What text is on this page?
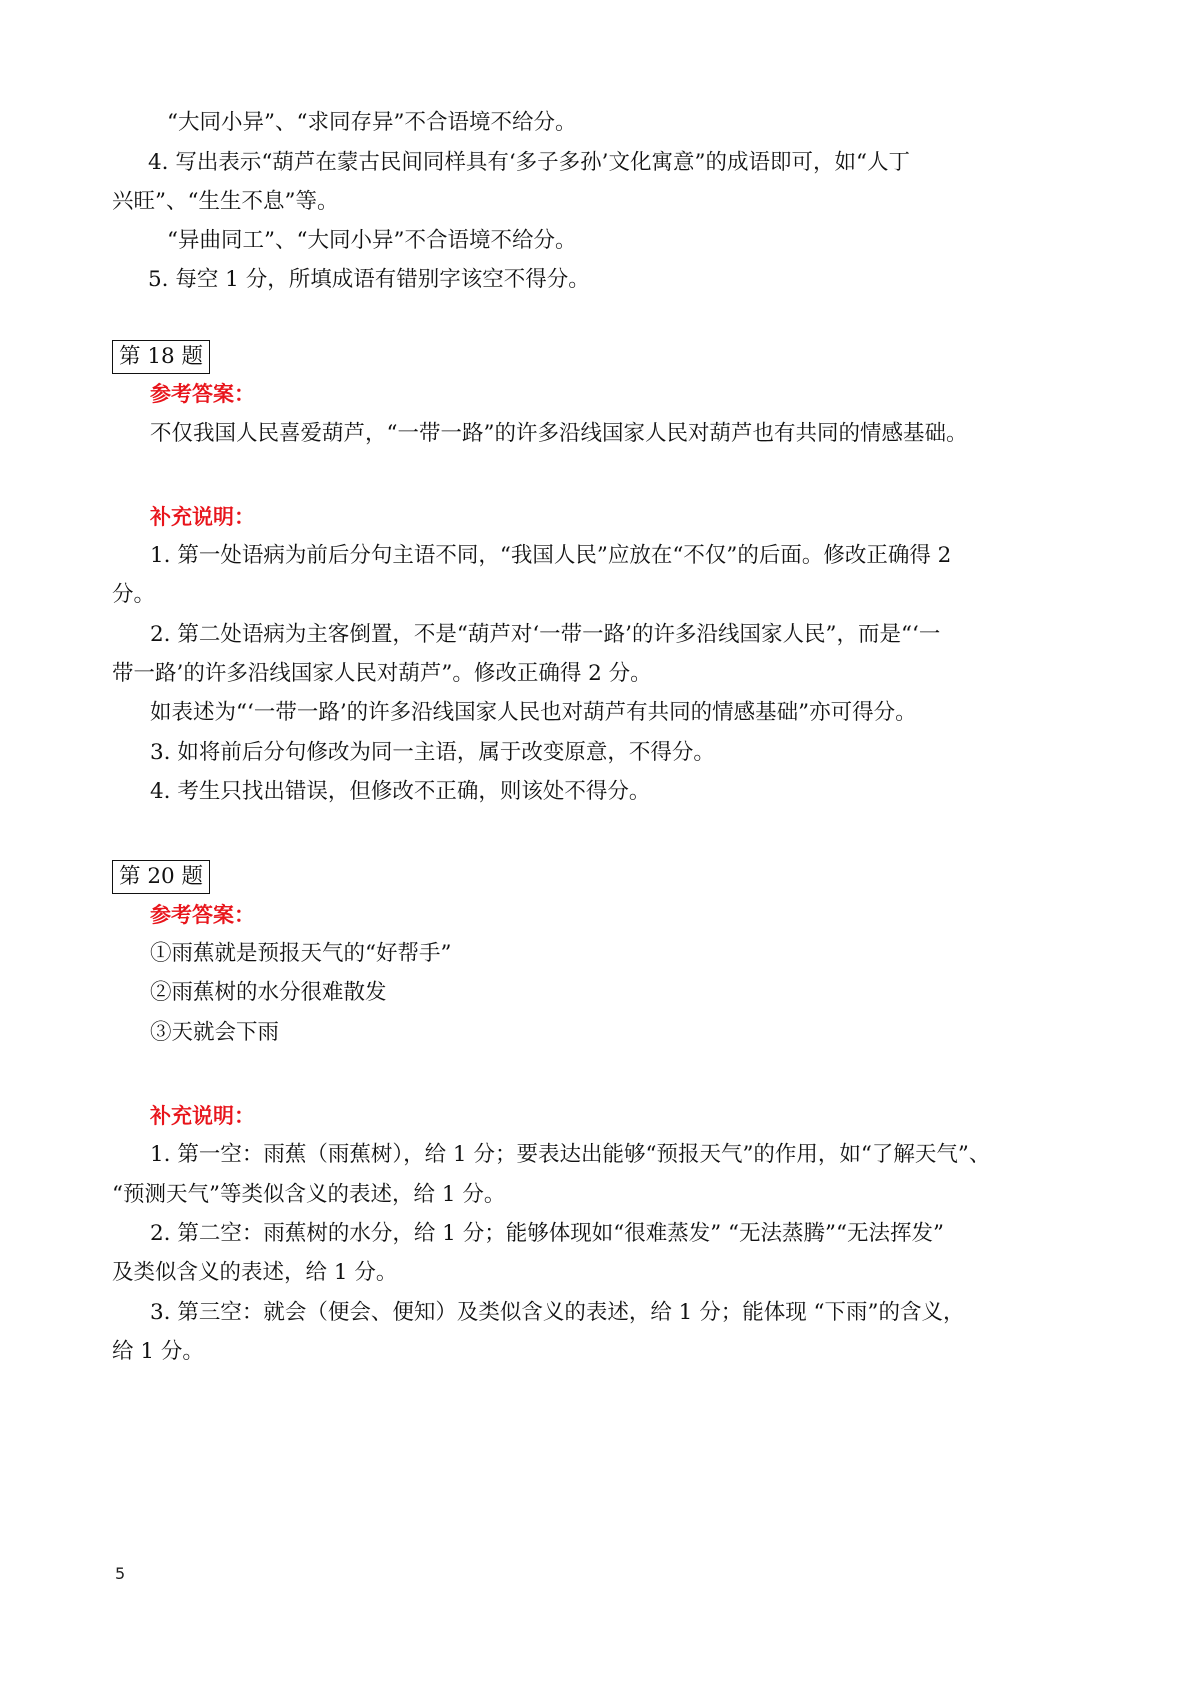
“大同小异”、“求同存异”不合语境不给分。
4. 写出表示“葫芦在蒙古民间同样具有‘多子多孙’文化寓意”的成语即可，如“人丁
兴旺”、“生生不息”等。
“异曲同工”、“大同小异”不合语境不给分。
5. 每空 1 分，所填成语有错别字该空不得分。
第 18 题
参考答案：
不仅我国人民喜爱葫芦，“一带一路”的许多沿线国家人民对葫芦也有共同的情感基础。
补充说明：
1. 第一处语病为前后分句主语不同，“我国人民”应放在“不仅”的后面。修改正确得 2
分。
2. 第二处语病为主客倒置，不是“葫芦对‘一带一路’的许多沿线国家人民”，而是“‘一
带一路’的许多沿线国家人民对葫芦”。修改正确得 2 分。
如表述为“‘一带一路’的许多沿线国家人民也对葫芦有共同的情感基础”亦可得分。
3. 如将前后分句修改为同一主语，属于改变原意，不得分。
4. 考生只找出错误，但修改不正确，则该处不得分。
第 20 题
参考答案：
①雨蕉就是预报天气的“好帮手”
②雨蕉树的水分很难散发
③天就会下雨
补充说明：
1. 第一空：雨蕉（雨蕉树），给 1 分；要表达出能够“预报天气”的作用，如“了解天气”、
“预测天气”等类似含义的表述，给 1 分。
2. 第二空：雨蕉树的水分，给 1 分；能够体现如“很难蒸发” “无法蒸腾”“无法挥发”
及类似含义的表述，给 1 分。
3. 第三空：就会（便会、便知）及类似含义的表述，给 1 分；能体现 “下雨”的含义，
给 1 分。
5
